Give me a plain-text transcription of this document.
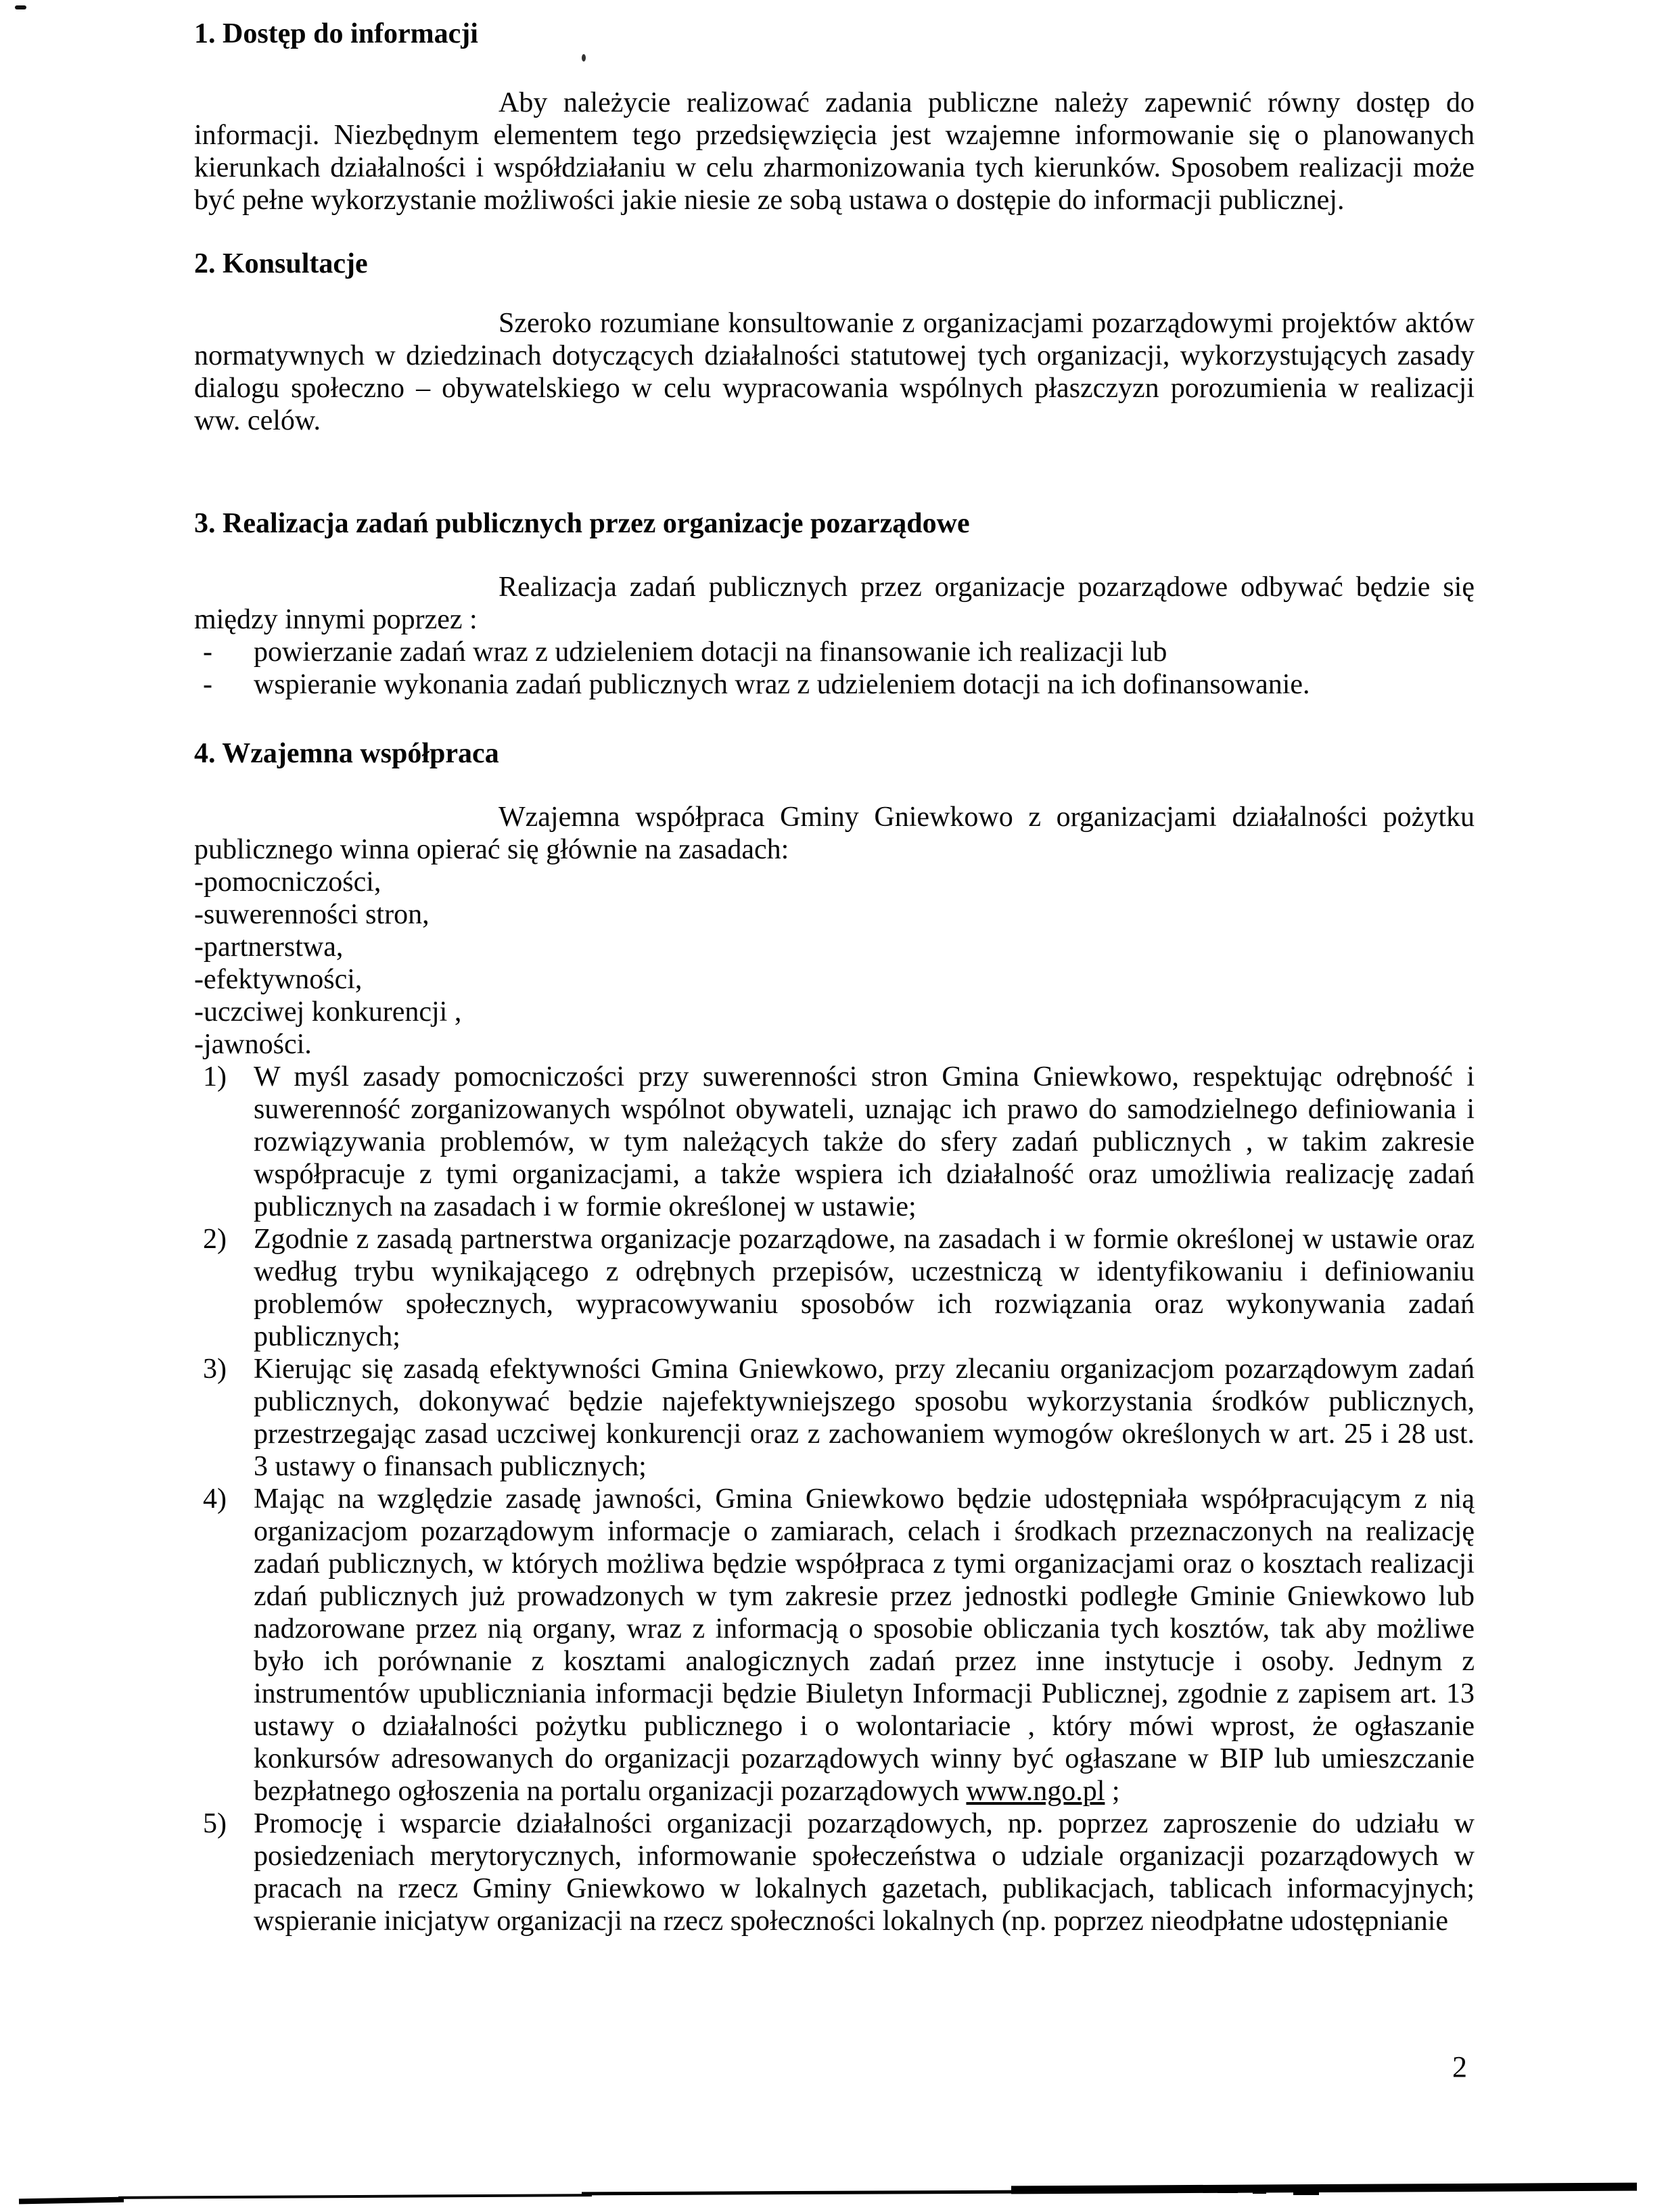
1. Dostęp do informacji

Aby należycie realizować zadania publiczne należy zapewnić równy dostęp do informacji. Niezbędnym elementem tego przedsięwzięcia jest wzajemne informowanie się o planowanych kierunkach działalności i współdziałaniu w celu zharmonizowania tych kierunków. Sposobem realizacji może być pełne wykorzystanie możliwości jakie niesie ze sobą ustawa o dostępie do informacji publicznej.

2. Konsultacje

Szeroko rozumiane konsultowanie z organizacjami pozarządowymi projektów aktów normatywnych w dziedzinach dotyczących działalności statutowej tych organizacji, wykorzystujących zasady dialogu społeczno – obywatelskiego w celu wypracowania wspólnych płaszczyzn porozumienia w realizacji ww. celów.

3. Realizacja zadań publicznych przez organizacje pozarządowe

Realizacja zadań publicznych przez organizacje pozarządowe odbywać będzie się między innymi poprzez :

-	powierzanie zadań wraz z udzieleniem dotacji na finansowanie ich realizacji lub
-	wspieranie wykonania zadań publicznych wraz z udzieleniem dotacji na ich dofinansowanie.
4. Wzajemna współpraca

Wzajemna współpraca Gminy Gniewkowo z organizacjami działalności pożytku publicznego winna opierać się głównie na zasadach:

-pomocniczości,
-suwerenności stron,
-partnerstwa,
-efektywności,
-uczciwej konkurencji ,
-jawności.
1) W myśl zasady pomocniczości przy suwerenności stron Gmina Gniewkowo, respektując odrębność i suwerenność zorganizowanych wspólnot obywateli, uznając ich prawo do samodzielnego definiowania i rozwiązywania problemów, w tym należących także do sfery zadań publicznych , w takim zakresie współpracuje z tymi organizacjami, a także wspiera ich działalność oraz umożliwia realizację zadań publicznych na zasadach i w formie określonej w ustawie;
2) Zgodnie z zasadą partnerstwa organizacje pozarządowe, na zasadach i w formie określonej w ustawie oraz według trybu wynikającego z odrębnych przepisów, uczestniczą w identyfikowaniu i definiowaniu problemów społecznych, wypracowywaniu sposobów ich rozwiązania oraz wykonywania zadań publicznych;
3) Kierując się zasadą efektywności Gmina Gniewkowo, przy zlecaniu organizacjom pozarządowym zadań publicznych, dokonywać będzie najefektywniejszego sposobu wykorzystania środków publicznych, przestrzegając zasad uczciwej konkurencji oraz z zachowaniem wymogów określonych w art. 25 i 28 ust. 3 ustawy o finansach publicznych;
4) Mając na względzie zasadę jawności, Gmina Gniewkowo będzie udostępniała współpracującym z nią organizacjom pozarządowym informacje o zamiarach, celach i środkach przeznaczonych na realizację zadań publicznych, w których możliwa będzie współpraca z tymi organizacjami oraz o kosztach realizacji zdań publicznych już prowadzonych w tym zakresie przez jednostki podległe Gminie Gniewkowo lub nadzorowane przez nią organy, wraz z informacją o sposobie obliczania tych kosztów, tak aby możliwe było ich porównanie z kosztami analogicznych zadań przez inne instytucje i osoby. Jednym z instrumentów upubliczniania informacji będzie Biuletyn Informacji Publicznej, zgodnie z zapisem art. 13 ustawy o działalności pożytku publicznego i o wolontariacie , który mówi wprost, że ogłaszanie konkursów adresowanych do organizacji pozarządowych winny być ogłaszane w BIP lub umieszczanie bezpłatnego ogłoszenia na portalu organizacji pozarządowych www.ngo.pl ;
5) Promocję i wsparcie działalności organizacji pozarządowych, np. poprzez zaproszenie do udziału w posiedzeniach merytorycznych, informowanie społeczeństwa o udziale organizacji pozarządowych w pracach na rzecz Gminy Gniewkowo w lokalnych gazetach, publikacjach, tablicach informacyjnych; wspieranie inicjatyw organizacji na rzecz społeczności lokalnych (np. poprzez nieodpłatne udostępnianie
2
